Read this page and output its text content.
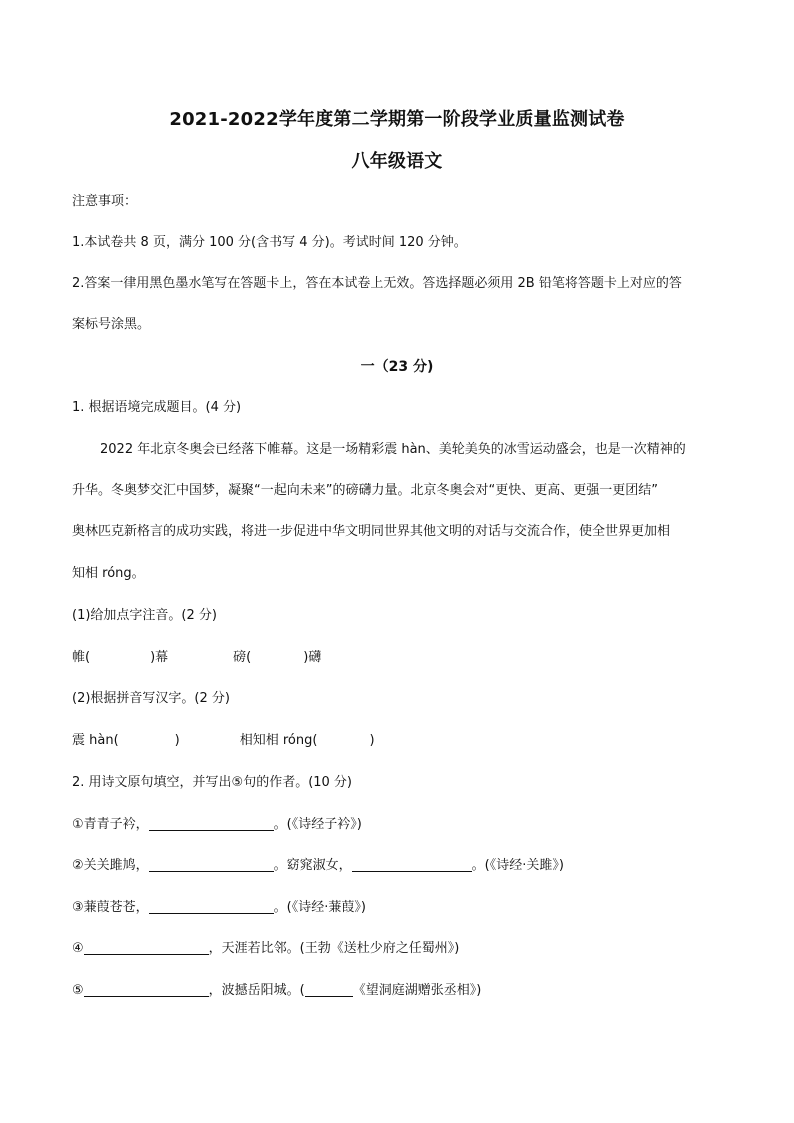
2021-2022学年度第二学期第一阶段学业质量监测试卷
八年级语文
注意事项：
1.本试卷共 8 页，满分 100 分(含书写 4 分)。考试时间 120 分钟。
2.答案一律用黑色墨水笔写在答题卡上，答在本试卷上无效。答选择题必须用 2B 铅笔将答题卡上对应的答
案标号涂黑。
一（23 分)
1. 根据语境完成题目。(4 分)
2022 年北京冬奥会已经落下帷幕。这是一场精彩震 hàn、美轮美奂的冰雪运动盛会，也是一次精神的
升华。冬奥梦交汇中国梦，凝聚“一起向未来”的磅礴力量。北京冬奥会对“更快、更高、更强一更团结”
奥林匹克新格言的成功实践，将进一步促进中华文明同世界其他文明的对话与交流合作，使全世界更加相
知相 róng。
(1)给加点字注音。(2 分)
帷(	)幕	磅(	)礴
(2)根据拼音写汉字。(2 分)
震 hàn(	)	相知相 róng(	)
2. 用诗文原句填空，并写出⑤句的作者。(10 分)
①青青子衿，	。(《诗经子衿》)
②关关雎鸠，	。窈窕淑女，	。(《诗经·关雎》)
③蒹葭苍苍，	。(《诗经·蒹葭》)
④	，天涯若比邻。(王勃《送杜少府之任蜀州》)
⑤	，波撼岳阳城。(	《望洞庭湖赠张丞相》)
